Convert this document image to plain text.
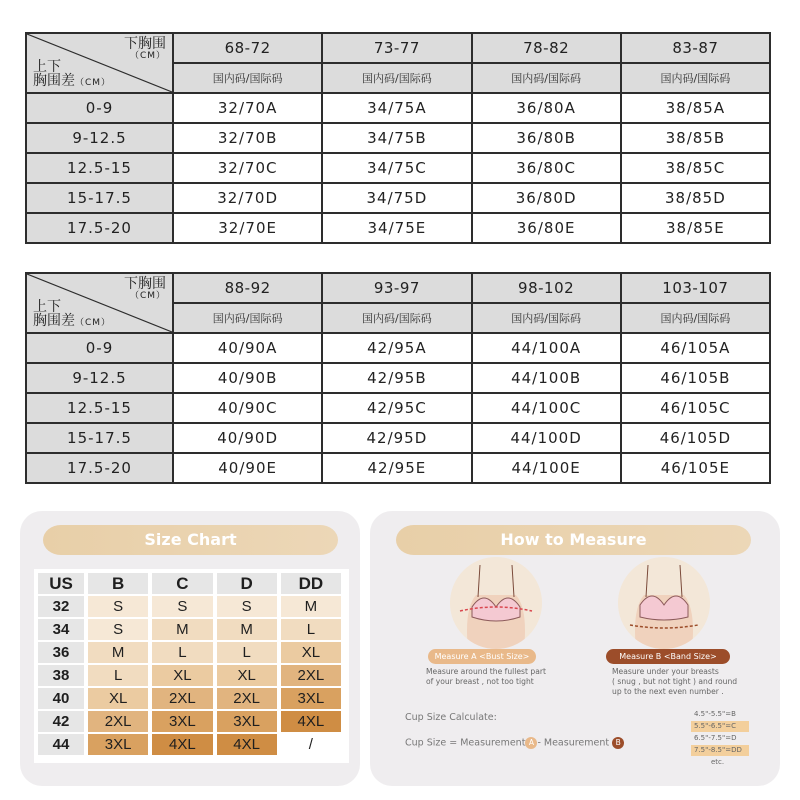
下胸围
（CM）
上下
胸围差（CM）	68-72	73-77	78-82	83-87
	国内码/国际码	国内码/国际码	国内码/国际码	国内码/国际码
0-9	32/70A	34/75A	36/80A	38/85A
9-12.5	32/70B	34/75B	36/80B	38/85B
12.5-15	32/70C	34/75C	36/80C	38/85C
15-17.5	32/70D	34/75D	36/80D	38/85D
17.5-20	32/70E	34/75E	36/80E	38/85E
下胸围
（CM）
上下
胸围差（CM）	88-92	93-97	98-102	103-107
	国内码/国际码	国内码/国际码	国内码/国际码	国内码/国际码
0-9	40/90A	42/95A	44/100A	46/105A
9-12.5	40/90B	42/95B	44/100B	46/105B
12.5-15	40/90C	42/95C	44/100C	46/105C
15-17.5	40/90D	42/95D	44/100D	46/105D
17.5-20	40/90E	42/95E	44/100E	46/105E
Size Chart
US	B	C	D	DD
32	S	S	S	M
34	S	M	M	L
36	M	L	L	XL
38	L	XL	XL	2XL
40	XL	2XL	2XL	3XL
42	2XL	3XL	3XL	4XL
44	3XL	4XL	4XL	/
How to Measure
Measure A <Bust Size>	Measure B <Band Size>
Measure around the fullest part
of your breast , not too tight
Measure under your breasts
( snug , but not tight ) and round
up to the next even number .
Cup Size Calculate:
Cup Size = Measurement A - Measurement B
4.5"-5.5"=B
5.5"-6.5"=C
6.5"-7.5"=D
7.5"-8.5"=DD
etc.
